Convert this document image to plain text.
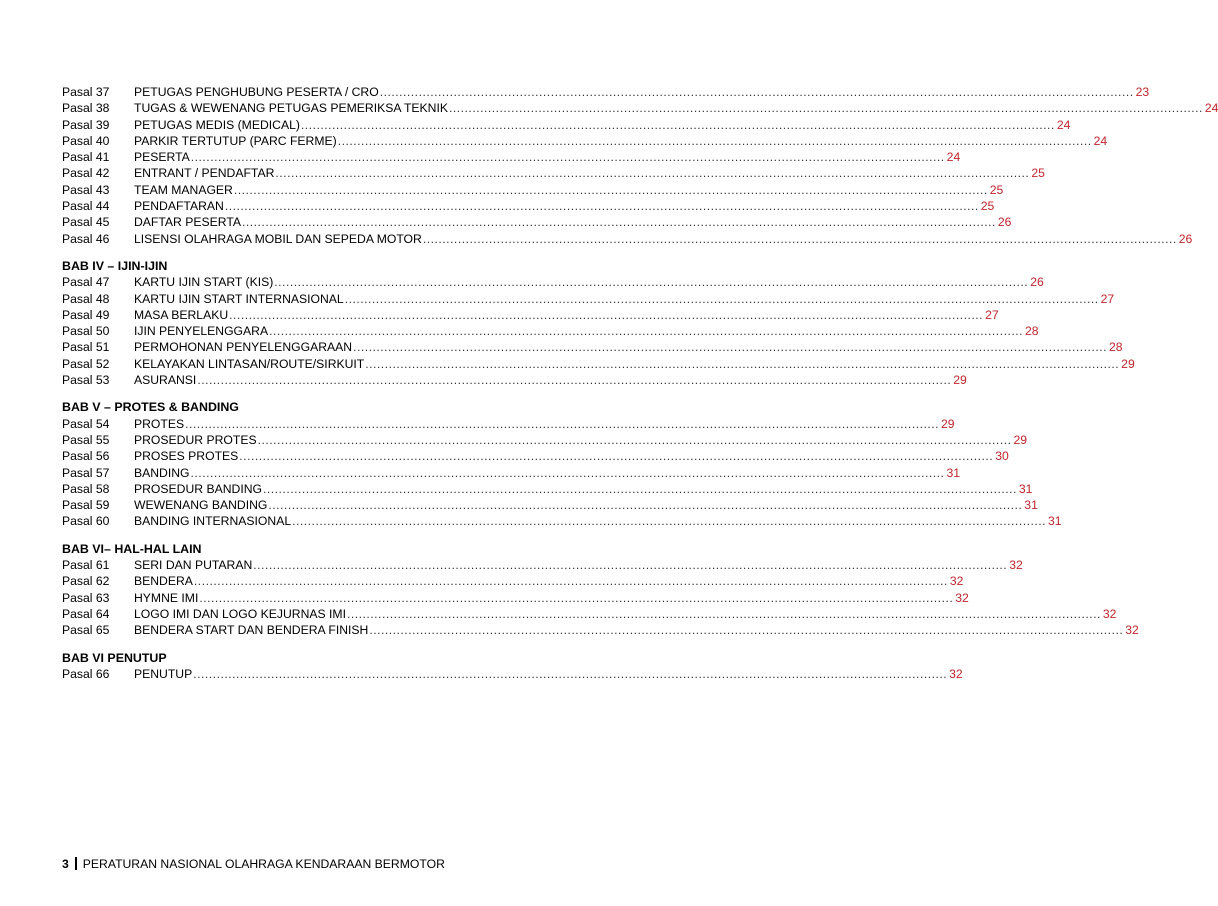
Pasal 37	PETUGAS PENGHUBUNG PESERTA / CRO .................................................................................................................................................................................................. 23
Pasal 38	TUGAS & WEWENANG PETUGAS PEMERIKSA TEKNIK .................................................................................................................................................................................................. 24
Pasal 39	PETUGAS MEDIS (MEDICAL) .................................................................................................................................................................................................. 24
Pasal 40	PARKIR TERTUTUP (PARC FERME) .................................................................................................................................................................................................. 24
Pasal 41	PESERTA .................................................................................................................................................................................................. 24
Pasal 42	ENTRANT / PENDAFTAR .................................................................................................................................................................................................. 25
Pasal 43	TEAM MANAGER .................................................................................................................................................................................................. 25
Pasal 44	PENDAFTARAN .................................................................................................................................................................................................. 25
Pasal 45	DAFTAR PESERTA .................................................................................................................................................................................................. 26
Pasal 46	LISENSI OLAHRAGA MOBIL DAN SEPEDA MOTOR .................................................................................................................................................................................................. 26
BAB IV – IJIN-IJIN
Pasal 47	KARTU IJIN START (KIS) .................................................................................................................................................................................................. 26
Pasal 48	KARTU IJIN START INTERNASIONAL .................................................................................................................................................................................................. 27
Pasal 49	MASA BERLAKU .................................................................................................................................................................................................. 27
Pasal 50	IJIN PENYELENGGARA .................................................................................................................................................................................................. 28
Pasal 51	PERMOHONAN PENYELENGGARAAN .................................................................................................................................................................................................. 28
Pasal 52	KELAYAKAN LINTASAN/ROUTE/SIRKUIT .................................................................................................................................................................................................. 29
Pasal 53	ASURANSI .................................................................................................................................................................................................. 29
BAB V – PROTES & BANDING
Pasal 54	PROTES .................................................................................................................................................................................................. 29
Pasal 55	PROSEDUR PROTES .................................................................................................................................................................................................. 29
Pasal 56	PROSES PROTES .................................................................................................................................................................................................. 30
Pasal 57	BANDING .................................................................................................................................................................................................. 31
Pasal 58	PROSEDUR BANDING .................................................................................................................................................................................................. 31
Pasal 59	WEWENANG BANDING .................................................................................................................................................................................................. 31
Pasal 60	BANDING INTERNASIONAL .................................................................................................................................................................................................. 31
BAB VI– HAL-HAL LAIN
Pasal 61	SERI DAN PUTARAN .................................................................................................................................................................................................. 32
Pasal 62	BENDERA .................................................................................................................................................................................................. 32
Pasal 63	HYMNE IMI .................................................................................................................................................................................................. 32
Pasal 64	LOGO IMI DAN LOGO KEJURNAS IMI .................................................................................................................................................................................................. 32
Pasal 65	BENDERA START DAN BENDERA FINISH .................................................................................................................................................................................................. 32
BAB VI PENUTUP
Pasal 66	PENUTUP .................................................................................................................................................................................................. 32
3 PERATURAN NASIONAL OLAHRAGA KENDARAAN BERMOTOR
